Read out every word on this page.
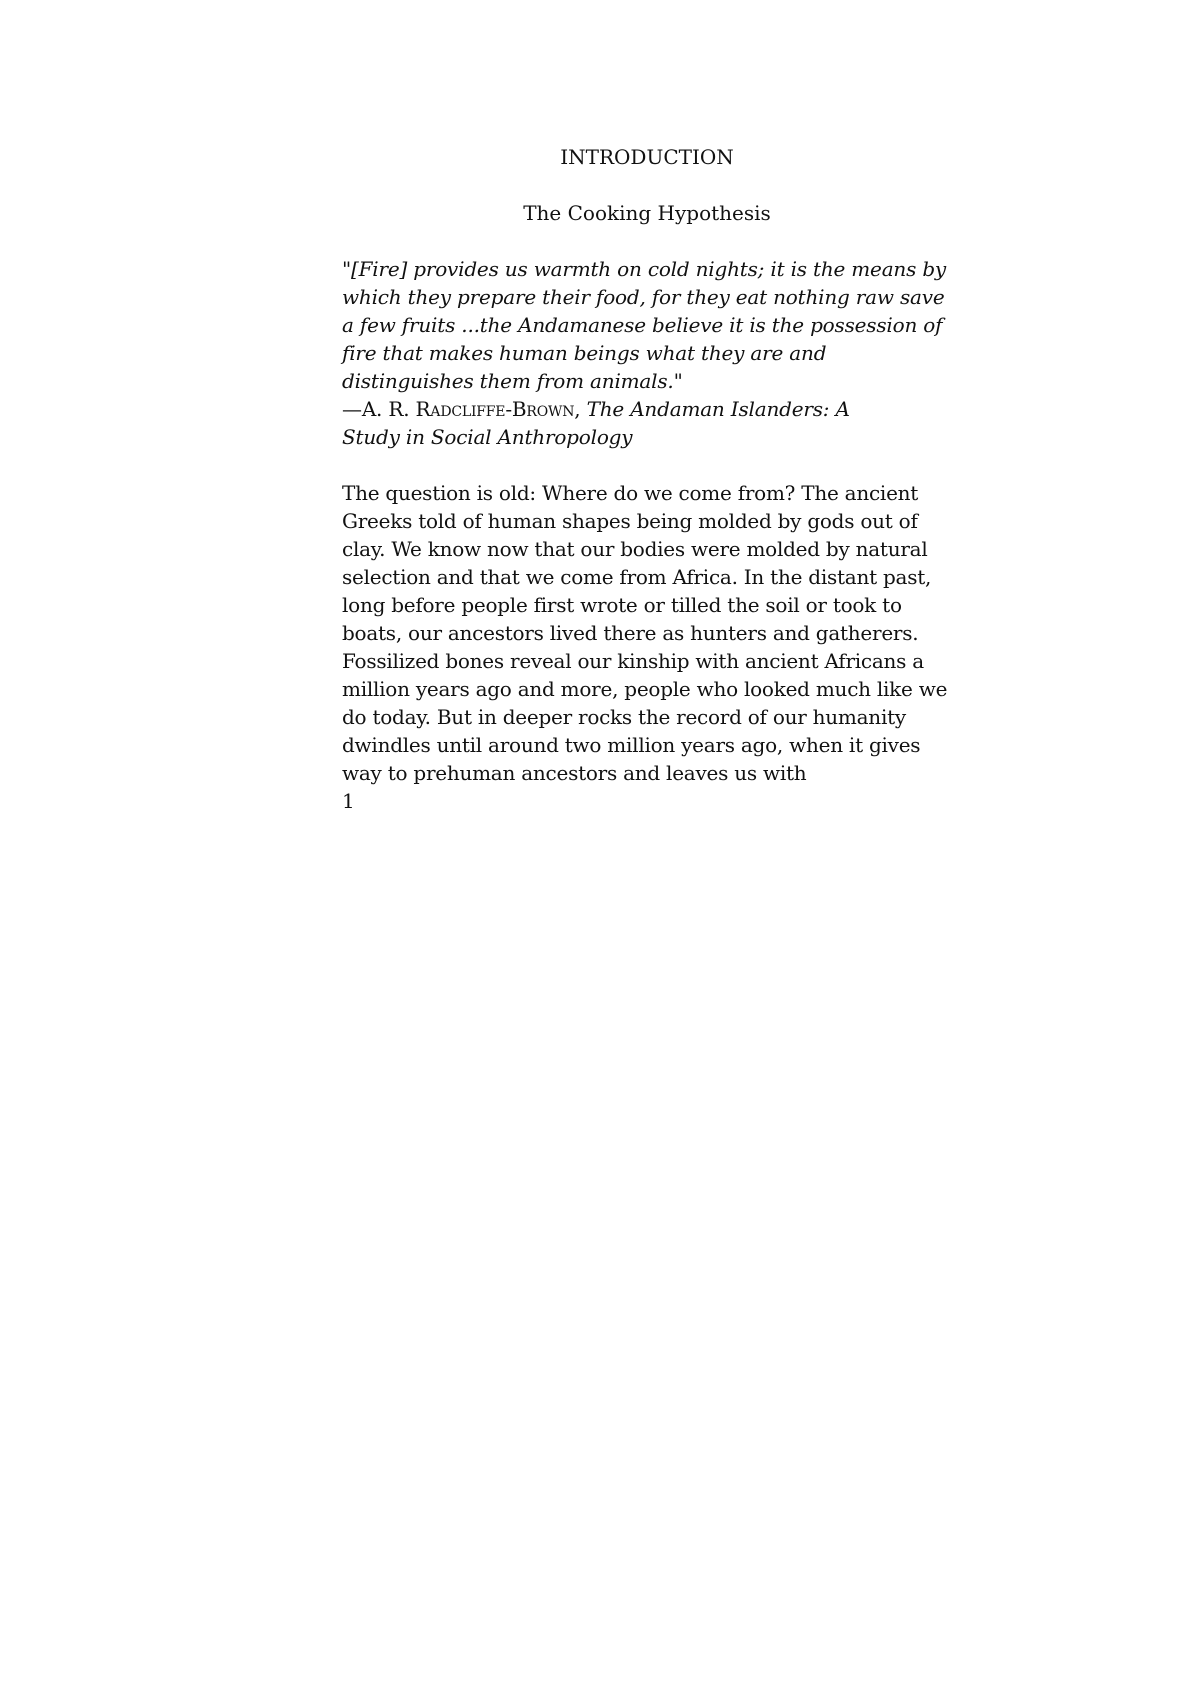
INTRODUCTION
The Cooking Hypothesis
"[Fire] provides us warmth on cold nights; it is the means by
which they prepare their food, for they eat nothing raw save
a few fruits ...the Andamanese believe it is the possession of
fire that makes human beings what they are and
distinguishes them from animals."
—A. R. Radcliffe-Brown, The Andaman Islanders: A
Study in Social Anthropology
The question is old: Where do we come from? The ancient
Greeks told of human shapes being molded by gods out of
clay. We know now that our bodies were molded by natural
selection and that we come from Africa. In the distant past,
long before people first wrote or tilled the soil or took to
boats, our ancestors lived there as hunters and gatherers.
Fossilized bones reveal our kinship with ancient Africans a
million years ago and more, people who looked much like we
do today. But in deeper rocks the record of our humanity
dwindles until around two million years ago, when it gives
way to prehuman ancestors and leaves us with
1
